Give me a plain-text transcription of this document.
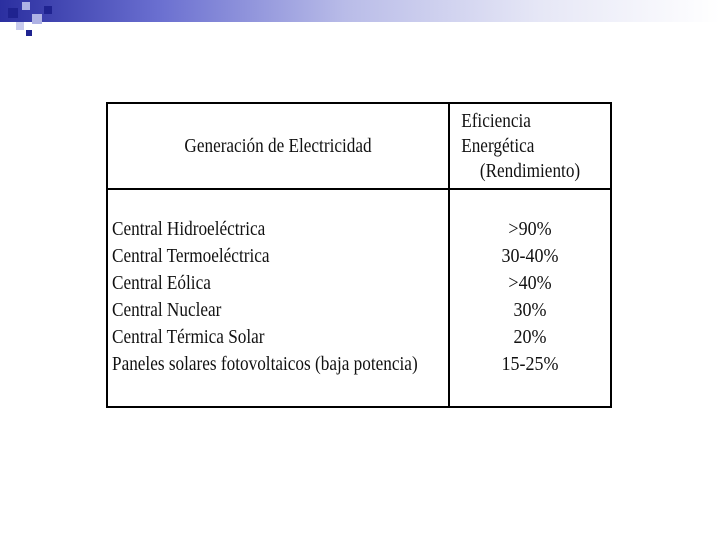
Generación de Electricidad
Eficiencia Energética
(Rendimiento)
Central Hidroeléctrica
Central Termoeléctrica
Central Eólica
Central Nuclear
Central Térmica Solar
Paneles solares fotovoltaicos (baja potencia)
>90%
30-40%
>40%
30%
20%
15-25%
